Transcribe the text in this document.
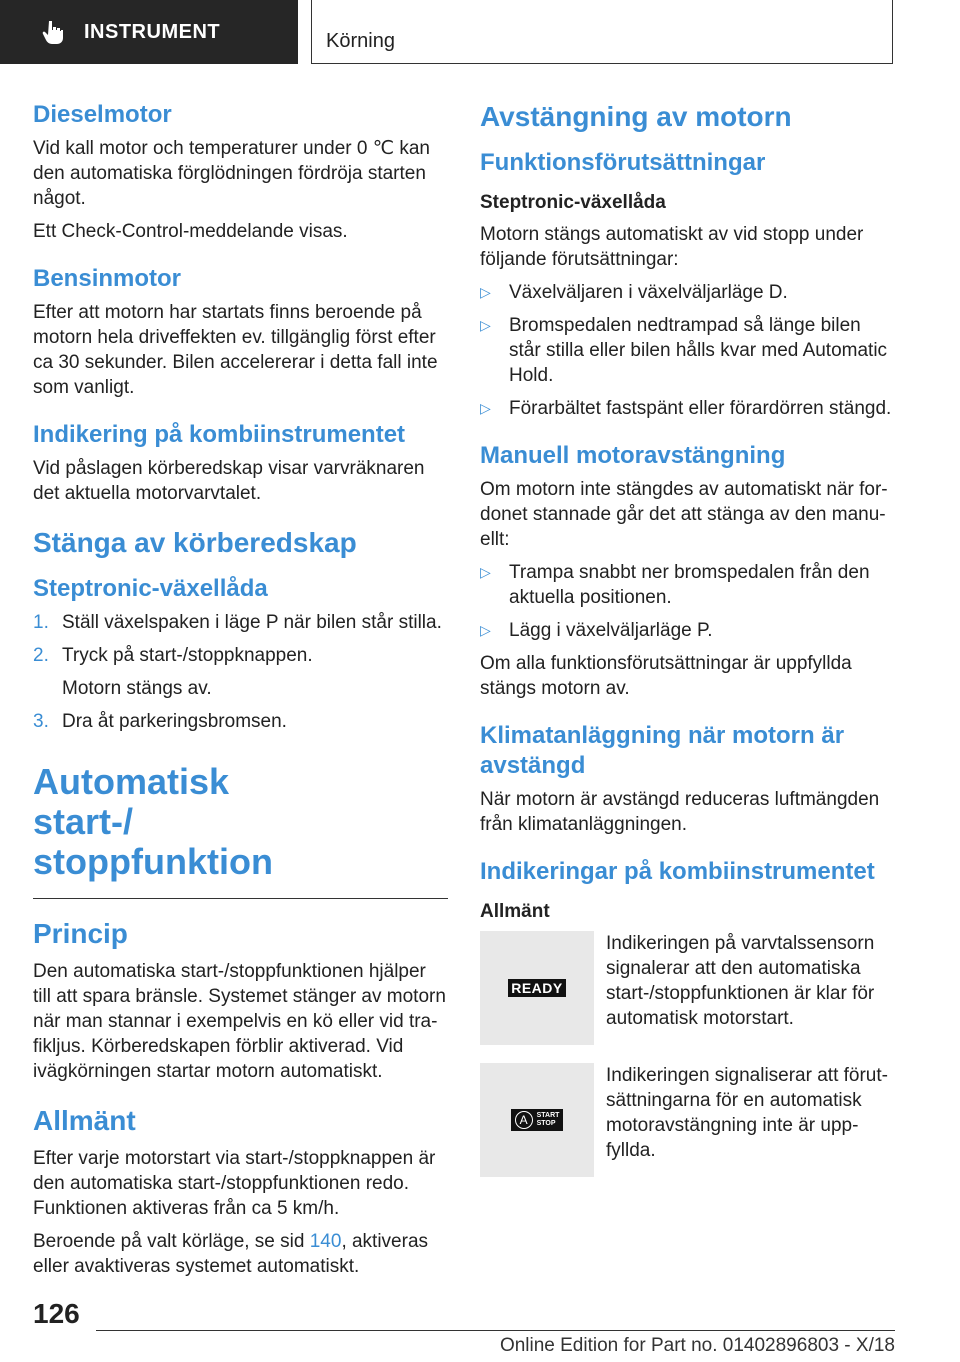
INSTRUMENT	Körning
Dieselmotor

Vid kall motor och temperaturer under 0 ℃ kan den automatiska förglödningen fördröja starten något.

Ett Check-Control-meddelande visas.

Bensinmotor

Efter att motorn har startats finns beroende på motorn hela driveffekten ev. tillgänglig först efter ca 30 sekunder. Bilen accelererar i detta fall inte som vanligt.

Indikering på kombiinstrumentet

Vid påslagen körberedskap visar varvräknaren det aktuella motorvarvtalet.

Stänga av körberedskap
Steptronic-växellåda
1. Ställ växelspaken i läge P när bilen står stilla.
2. Tryck på start-/stoppknappen.
Motorn stängs av.
3. Dra åt parkeringsbromsen.
Automatisk start-/ stoppfunktion
Princip

Den automatiska start-/stoppfunktionen hjälper till att spara bränsle. Systemet stänger av motorn när man stannar i exempelvis en kö eller vid trafikljus. Körberedskapen förblir aktiverad. Vid ivägkörningen startar motorn automatiskt.

Allmänt

Efter varje motorstart via start-/stoppknappen är den automatiska start-/stoppfunktionen redo. Funktionen aktiveras från ca 5 km/h.

Beroende på valt körläge, se sid 140, aktiveras eller avaktiveras systemet automatiskt.

Avstängning av motorn
Funktionsförutsättningar
Steptronic-växellåda

Motorn stängs automatiskt av vid stopp under följande förutsättningar:

▷ Växelväljaren i växelväljarläge D.
▷ Bromspedalen nedtrampad så länge bilen står stilla eller bilen hålls kvar med Automatic Hold.
▷ Förarbältet fastspänt eller förardörren stängd.
Manuell motoravstängning

Om motorn inte stängdes av automatiskt när fordonet stannade går det att stänga av den manuellt:

▷ Trampa snabbt ner bromspedalen från den aktuella positionen.
▷ Lägg i växelväljarläge P.

Om alla funktionsförutsättningar är uppfyllda stängs motorn av.

Klimatanläggning när motorn är avstängd

När motorn är avstängd reduceras luftmängden från klimatanläggningen.

Indikeringar på kombiinstrumentet
Allmänt
READY
Indikeringen på varvtalssensorn signalerar att den automatiska start-/stoppfunktionen är klar för automatisk motorstart.
A	START
STOP
Indikeringen signaliserar att förutsättningarna för en automatisk motoravstängning inte är uppfyllda.
126
Online Edition for Part no. 01402896803 - X/18
